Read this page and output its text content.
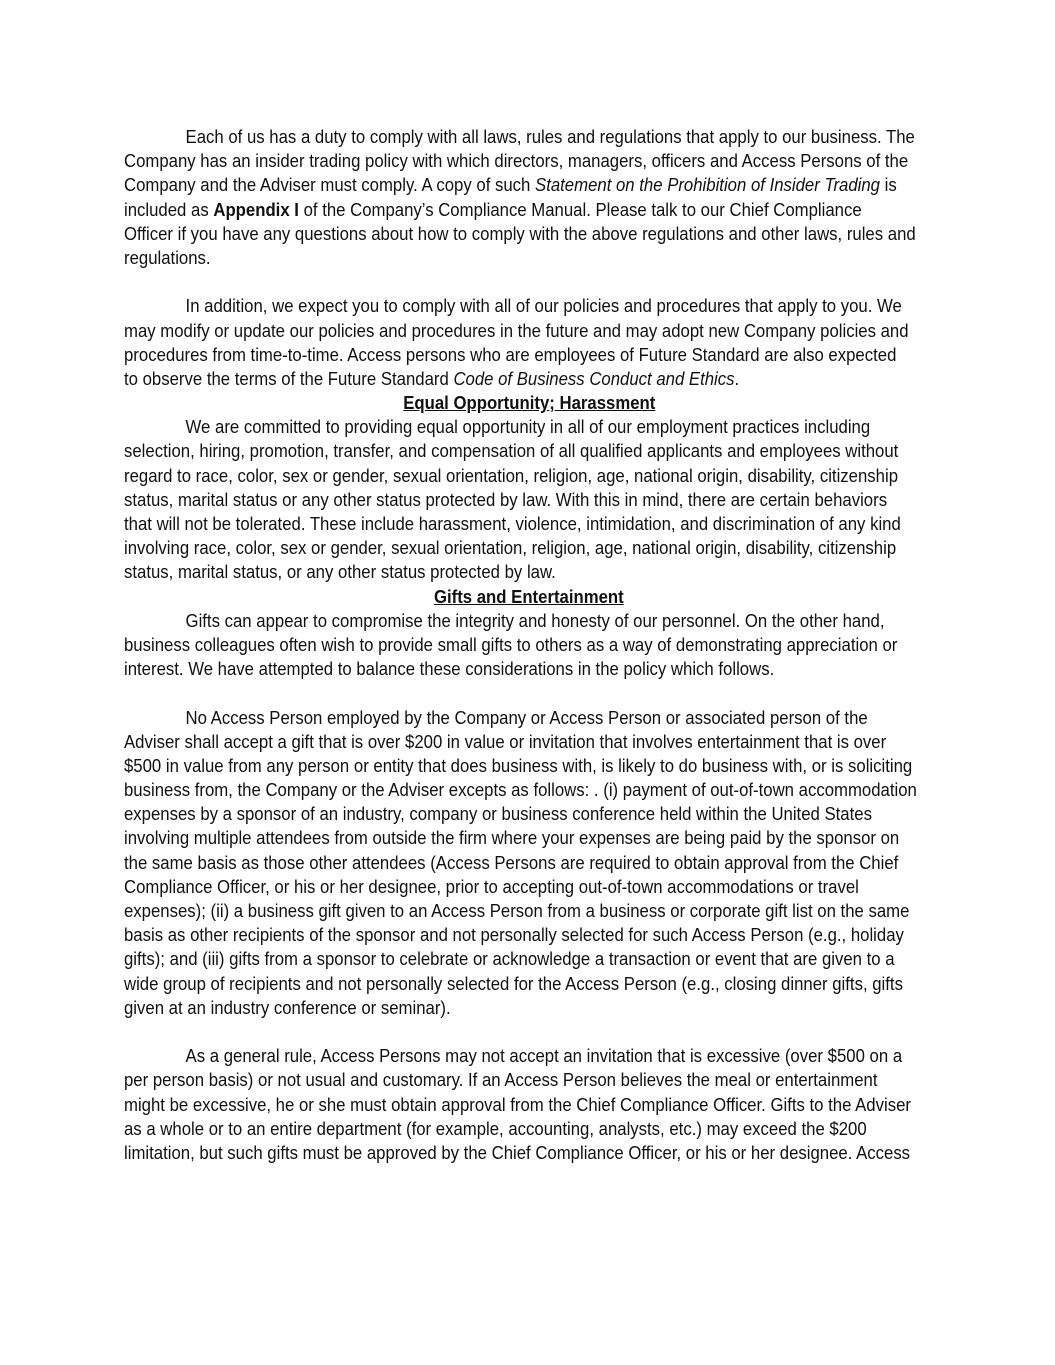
Each of us has a duty to comply with all laws, rules and regulations that apply to our business. The
Company has an insider trading policy with which directors, managers, officers and Access Persons of the
Company and the Adviser must comply. A copy of such Statement on the Prohibition of Insider Trading is
included as Appendix I of the Company’s Compliance Manual. Please talk to our Chief Compliance
Officer if you have any questions about how to comply with the above regulations and other laws, rules and
regulations.
In addition, we expect you to comply with all of our policies and procedures that apply to you. We
may modify or update our policies and procedures in the future and may adopt new Company policies and
procedures from time-to-time. Access persons who are employees of Future Standard are also expected
to observe the terms of the Future Standard Code of Business Conduct and Ethics.
Equal Opportunity; Harassment
We are committed to providing equal opportunity in all of our employment practices including
selection, hiring, promotion, transfer, and compensation of all qualified applicants and employees without
regard to race, color, sex or gender, sexual orientation, religion, age, national origin, disability, citizenship
status, marital status or any other status protected by law. With this in mind, there are certain behaviors
that will not be tolerated. These include harassment, violence, intimidation, and discrimination of any kind
involving race, color, sex or gender, sexual orientation, religion, age, national origin, disability, citizenship
status, marital status, or any other status protected by law.
Gifts and Entertainment
Gifts can appear to compromise the integrity and honesty of our personnel. On the other hand,
business colleagues often wish to provide small gifts to others as a way of demonstrating appreciation or
interest. We have attempted to balance these considerations in the policy which follows.
No Access Person employed by the Company or Access Person or associated person of the
Adviser shall accept a gift that is over $200 in value or invitation that involves entertainment that is over
$500 in value from any person or entity that does business with, is likely to do business with, or is soliciting
business from, the Company or the Adviser excepts as follows: . (i) payment of out-of-town accommodation
expenses by a sponsor of an industry, company or business conference held within the United States
involving multiple attendees from outside the firm where your expenses are being paid by the sponsor on
the same basis as those other attendees (Access Persons are required to obtain approval from the Chief
Compliance Officer, or his or her designee, prior to accepting out-of-town accommodations or travel
expenses); (ii) a business gift given to an Access Person from a business or corporate gift list on the same
basis as other recipients of the sponsor and not personally selected for such Access Person (e.g., holiday
gifts); and (iii) gifts from a sponsor to celebrate or acknowledge a transaction or event that are given to a
wide group of recipients and not personally selected for the Access Person (e.g., closing dinner gifts, gifts
given at an industry conference or seminar).
As a general rule, Access Persons may not accept an invitation that is excessive (over $500 on a
per person basis) or not usual and customary. If an Access Person believes the meal or entertainment
might be excessive, he or she must obtain approval from the Chief Compliance Officer. Gifts to the Adviser
as a whole or to an entire department (for example, accounting, analysts, etc.) may exceed the $200
limitation, but such gifts must be approved by the Chief Compliance Officer, or his or her designee. Access
